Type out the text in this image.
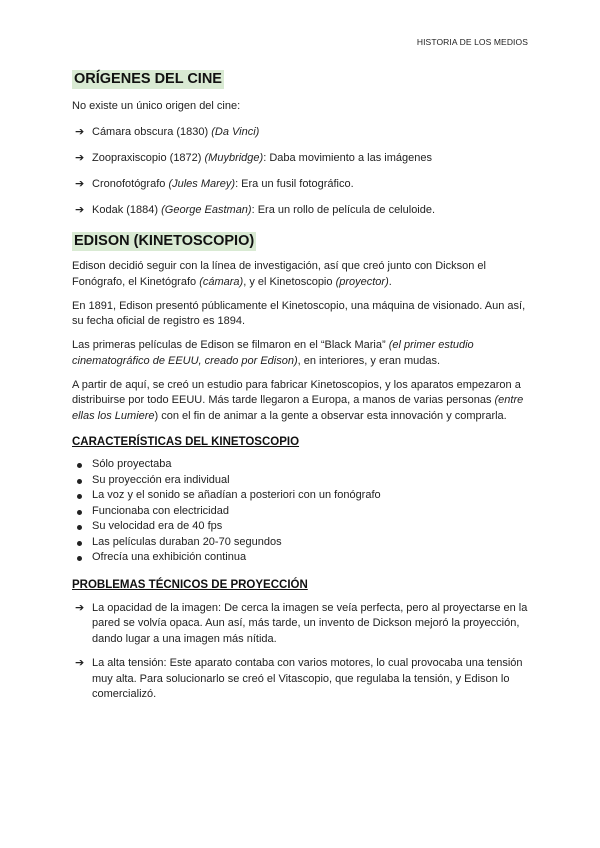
HISTORIA DE LOS MEDIOS
ORÍGENES DEL CINE

No existe un único origen del cine:

➔ Cámara obscura (1830) (Da Vinci)
➔ Zoopraxiscopio (1872) (Muybridge): Daba movimiento a las imágenes
➔ Cronofotógrafo (Jules Marey): Era un fusil fotográfico.
➔ Kodak (1884) (George Eastman): Era un rollo de película de celuloide.
EDISON (KINETOSCOPIO)

Edison decidió seguir con la línea de investigación, así que creó junto con Dickson el Fonógrafo, el Kinetógrafo (cámara), y el Kinetoscopio (proyector).

En 1891, Edison presentó públicamente el Kinetoscopio, una máquina de visionado. Aun así, su fecha oficial de registro es 1894.

Las primeras películas de Edison se filmaron en el “Black Maria” (el primer estudio cinematográfico de EEUU, creado por Edison), en interiores, y eran mudas.

A partir de aquí, se creó un estudio para fabricar Kinetoscopios, y los aparatos empezaron a distribuirse por todo EEUU. Más tarde llegaron a Europa, a manos de varias personas (entre ellas los Lumiere) con el fin de animar a la gente a observar esta innovación y comprarla.

CARACTERÍSTICAS DEL KINETOSCOPIO
Sólo proyectaba
Su proyección era individual
La voz y el sonido se añadían a posteriori con un fonógrafo
Funcionaba con electricidad
Su velocidad era de 40 fps
Las películas duraban 20-70 segundos
Ofrecía una exhibición continua
PROBLEMAS TÉCNICOS DE PROYECCIÓN
➔ La opacidad de la imagen: De cerca la imagen se veía perfecta, pero al proyectarse en la pared se volvía opaca. Aun así, más tarde, un invento de Dickson mejoró la proyección, dando lugar a una imagen más nítida.
➔ La alta tensión: Este aparato contaba con varios motores, lo cual provocaba una tensión muy alta. Para solucionarlo se creó el Vitascopio, que regulaba la tensión, y Edison lo comercializó.
